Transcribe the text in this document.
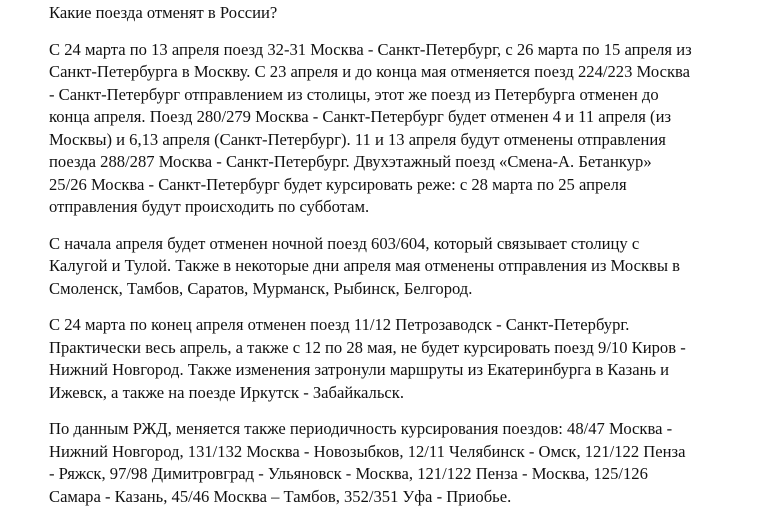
Какие поезда отменят в России?
С 24 марта по 13 апреля поезд 32-31 Москва - Санкт-Петербург, с 26 марта по 15 апреля из
Санкт-Петербурга в Москву. С 23 апреля и до конца мая отменяется поезд 224/223 Москва
- Санкт-Петербург отправлением из столицы, этот же поезд из Петербурга отменен до
конца апреля. Поезд 280/279 Москва - Санкт-Петербург будет отменен 4 и 11 апреля (из
Москвы) и 6,13 апреля (Санкт-Петербург). 11 и 13 апреля будут отменены отправления
поезда 288/287 Москва - Санкт-Петербург. Двухэтажный поезд «Смена-А. Бетанкур»
25/26 Москва - Санкт-Петербург будет курсировать реже: с 28 марта по 25 апреля
отправления будут происходить по субботам.
С начала апреля будет отменен ночной поезд 603/604, который связывает столицу с
Калугой и Тулой. Также в некоторые дни апреля мая отменены отправления из Москвы в
Смоленск, Тамбов, Саратов, Мурманск, Рыбинск, Белгород.
С 24 марта по конец апреля отменен поезд 11/12 Петрозаводск - Санкт-Петербург.
Практически весь апрель, а также с 12 по 28 мая, не будет курсировать поезд 9/10 Киров -
Нижний Новгород. Также изменения затронули маршруты из Екатеринбурга в Казань и
Ижевск, а также на поезде Иркутск - Забайкальск.
По данным РЖД, меняется также периодичность курсирования поездов: 48/47 Москва -
Нижний Новгород, 131/132 Москва - Новозыбков, 12/11 Челябинск - Омск, 121/122 Пенза
- Ряжск, 97/98 Димитровград - Ульяновск - Москва, 121/122 Пенза - Москва, 125/126
Самара - Казань, 45/46 Москва – Тамбов, 352/351 Уфа - Приобье.
